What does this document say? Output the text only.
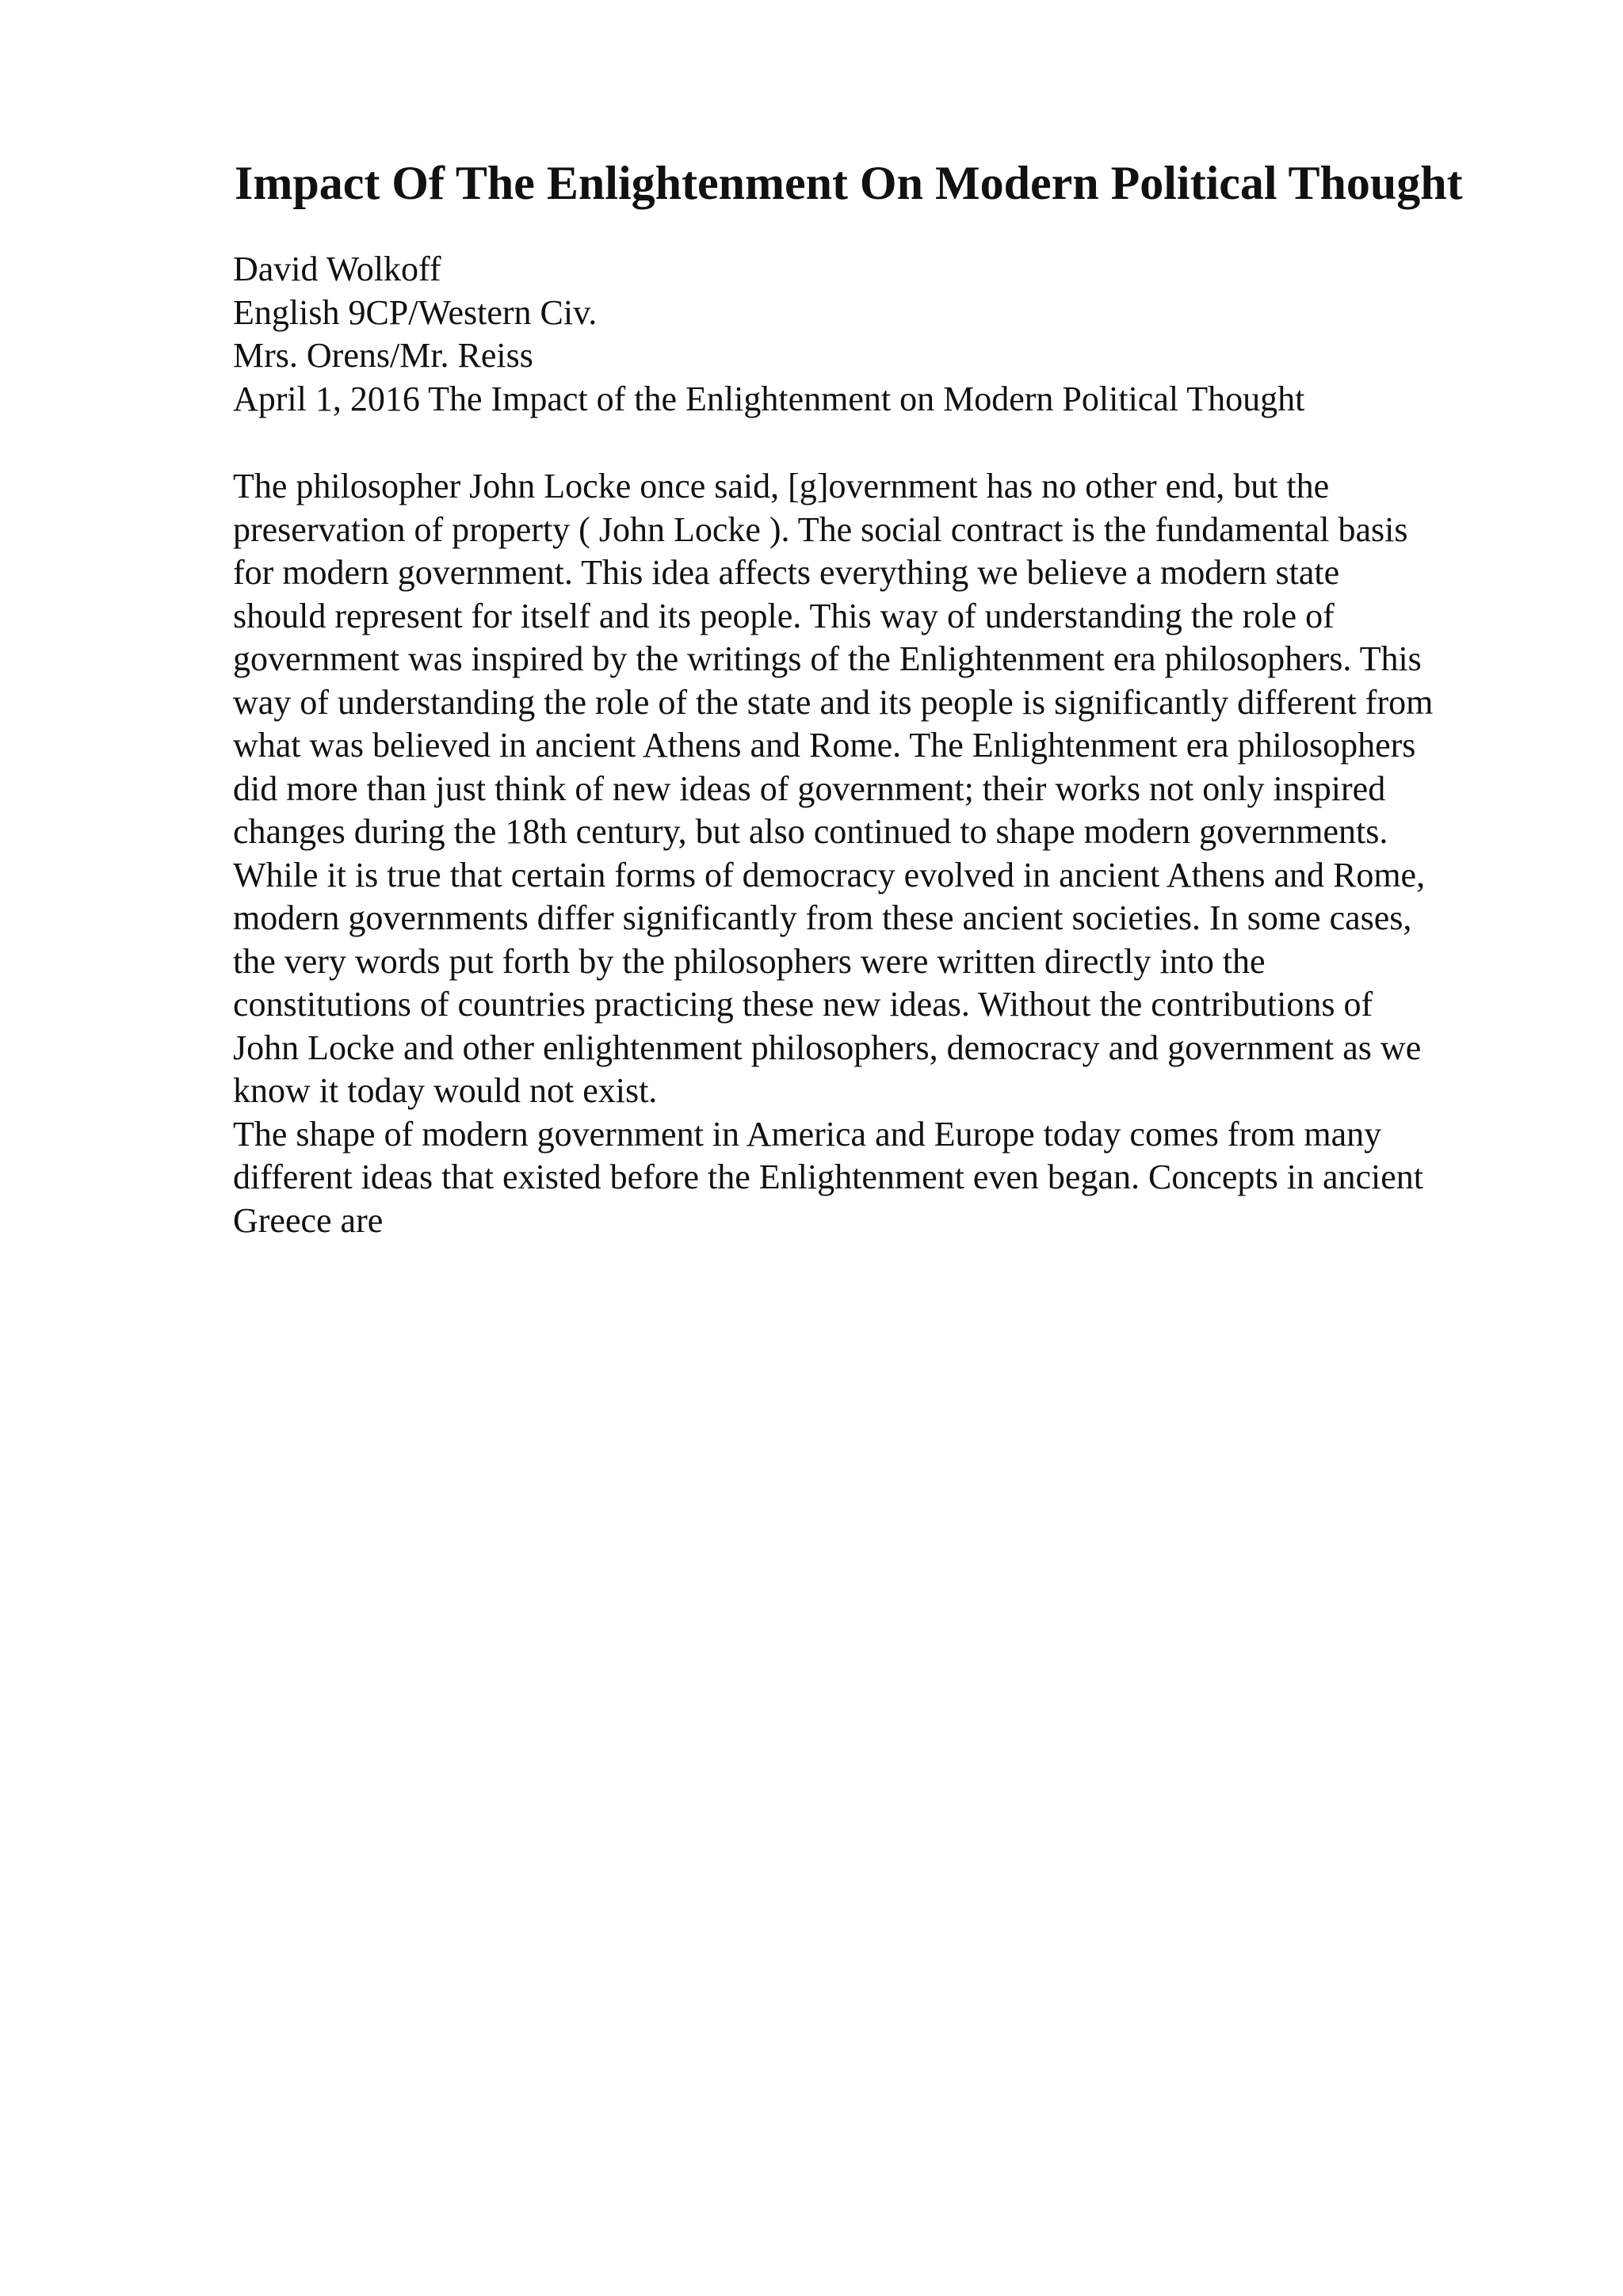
Impact Of The Enlightenment On Modern Political Thought
David Wolkoff
English 9CP/Western Civ.
Mrs. Orens/Mr. Reiss
April 1, 2016 The Impact of the Enlightenment on Modern Political Thought
The philosopher John Locke once said, [g]overnment has no other end, but the
preservation of property ( John Locke ). The social contract is the fundamental basis
for modern government. This idea affects everything we believe a modern state
should represent for itself and its people. This way of understanding the role of
government was inspired by the writings of the Enlightenment era philosophers. This
way of understanding the role of the state and its people is significantly different from
what was believed in ancient Athens and Rome. The Enlightenment era philosophers
did more than just think of new ideas of government; their works not only inspired
changes during the 18th century, but also continued to shape modern governments.
While it is true that certain forms of democracy evolved in ancient Athens and Rome,
modern governments differ significantly from these ancient societies. In some cases,
the very words put forth by the philosophers were written directly into the
constitutions of countries practicing these new ideas. Without the contributions of
John Locke and other enlightenment philosophers, democracy and government as we
know it today would not exist.
The shape of modern government in America and Europe today comes from many
different ideas that existed before the Enlightenment even began. Concepts in ancient
Greece are
